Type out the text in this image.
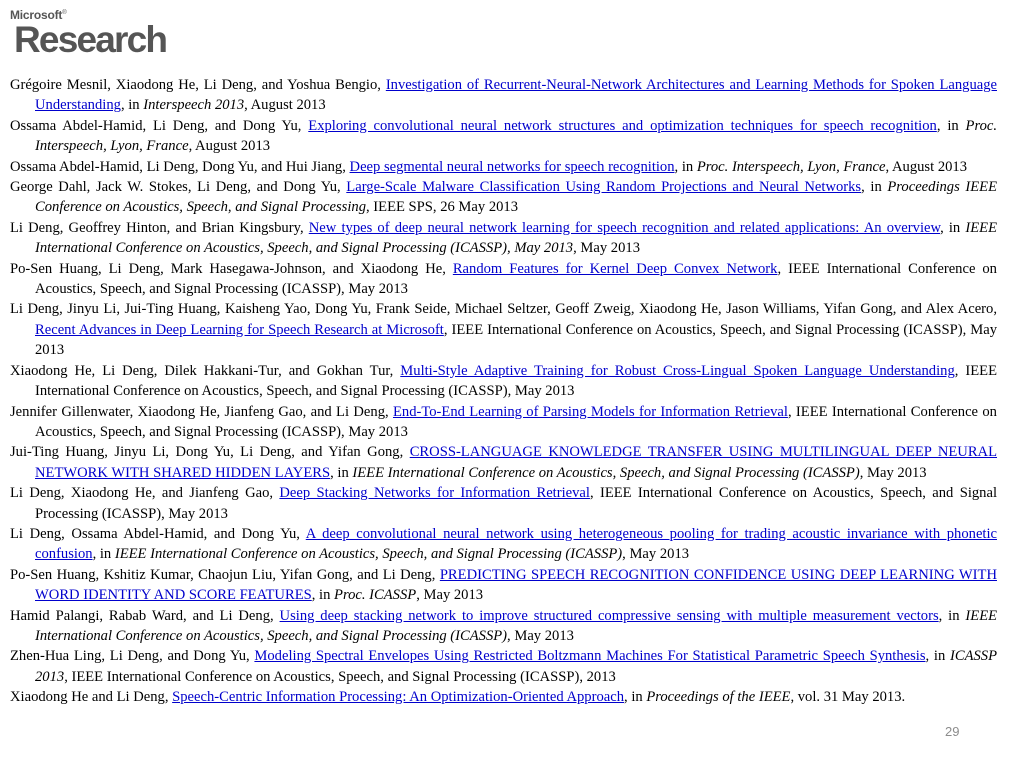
Microsoft®
Research

Grégoire Mesnil, Xiaodong He, Li Deng, and Yoshua Bengio, Investigation of Recurrent-Neural-Network Architectures and Learning Methods for Spoken Language Understanding, in Interspeech 2013, August 2013

Ossama Abdel-Hamid, Li Deng, and Dong Yu, Exploring convolutional neural network structures and optimization techniques for speech recognition, in Proc. Interspeech, Lyon, France, August 2013

Ossama Abdel-Hamid, Li Deng, Dong Yu, and Hui Jiang, Deep segmental neural networks for speech recognition, in Proc. Interspeech, Lyon, France, August 2013

George Dahl, Jack W. Stokes, Li Deng, and Dong Yu, Large-Scale Malware Classification Using Random Projections and Neural Networks, in Proceedings IEEE Conference on Acoustics, Speech, and Signal Processing, IEEE SPS, 26 May 2013

Li Deng, Geoffrey Hinton, and Brian Kingsbury, New types of deep neural network learning for speech recognition and related applications: An overview, in IEEE International Conference on Acoustics, Speech, and Signal Processing (ICASSP), May 2013, May 2013

Po-Sen Huang, Li Deng, Mark Hasegawa-Johnson, and Xiaodong He, Random Features for Kernel Deep Convex Network, IEEE International Conference on Acoustics, Speech, and Signal Processing (ICASSP), May 2013

Li Deng, Jinyu Li, Jui-Ting Huang, Kaisheng Yao, Dong Yu, Frank Seide, Michael Seltzer, Geoff Zweig, Xiaodong He, Jason Williams, Yifan Gong, and Alex Acero, Recent Advances in Deep Learning for Speech Research at Microsoft, IEEE International Conference on Acoustics, Speech, and Signal Processing (ICASSP), May 2013

Xiaodong He, Li Deng, Dilek Hakkani-Tur, and Gokhan Tur, Multi-Style Adaptive Training for Robust Cross-Lingual Spoken Language Understanding, IEEE International Conference on Acoustics, Speech, and Signal Processing (ICASSP), May 2013

Jennifer Gillenwater, Xiaodong He, Jianfeng Gao, and Li Deng, End-To-End Learning of Parsing Models for Information Retrieval, IEEE International Conference on Acoustics, Speech, and Signal Processing (ICASSP), May 2013

Jui-Ting Huang, Jinyu Li, Dong Yu, Li Deng, and Yifan Gong, CROSS-LANGUAGE KNOWLEDGE TRANSFER USING MULTILINGUAL DEEP NEURAL NETWORK WITH SHARED HIDDEN LAYERS, in IEEE International Conference on Acoustics, Speech, and Signal Processing (ICASSP), May 2013

Li Deng, Xiaodong He, and Jianfeng Gao, Deep Stacking Networks for Information Retrieval, IEEE International Conference on Acoustics, Speech, and Signal Processing (ICASSP), May 2013

Li Deng, Ossama Abdel-Hamid, and Dong Yu, A deep convolutional neural network using heterogeneous pooling for trading acoustic invariance with phonetic confusion, in IEEE International Conference on Acoustics, Speech, and Signal Processing (ICASSP), May 2013

Po-Sen Huang, Kshitiz Kumar, Chaojun Liu, Yifan Gong, and Li Deng, PREDICTING SPEECH RECOGNITION CONFIDENCE USING DEEP LEARNING WITH WORD IDENTITY AND SCORE FEATURES, in Proc. ICASSP, May 2013

Hamid Palangi, Rabab Ward, and Li Deng, Using deep stacking network to improve structured compressive sensing with multiple measurement vectors, in IEEE International Conference on Acoustics, Speech, and Signal Processing (ICASSP), May 2013

Zhen-Hua Ling, Li Deng, and Dong Yu, Modeling Spectral Envelopes Using Restricted Boltzmann Machines For Statistical Parametric Speech Synthesis, in ICASSP 2013, IEEE International Conference on Acoustics, Speech, and Signal Processing (ICASSP), 2013

Xiaodong He and Li Deng, Speech-Centric Information Processing: An Optimization-Oriented Approach, in Proceedings of the IEEE, vol. 31 May 2013.

29
